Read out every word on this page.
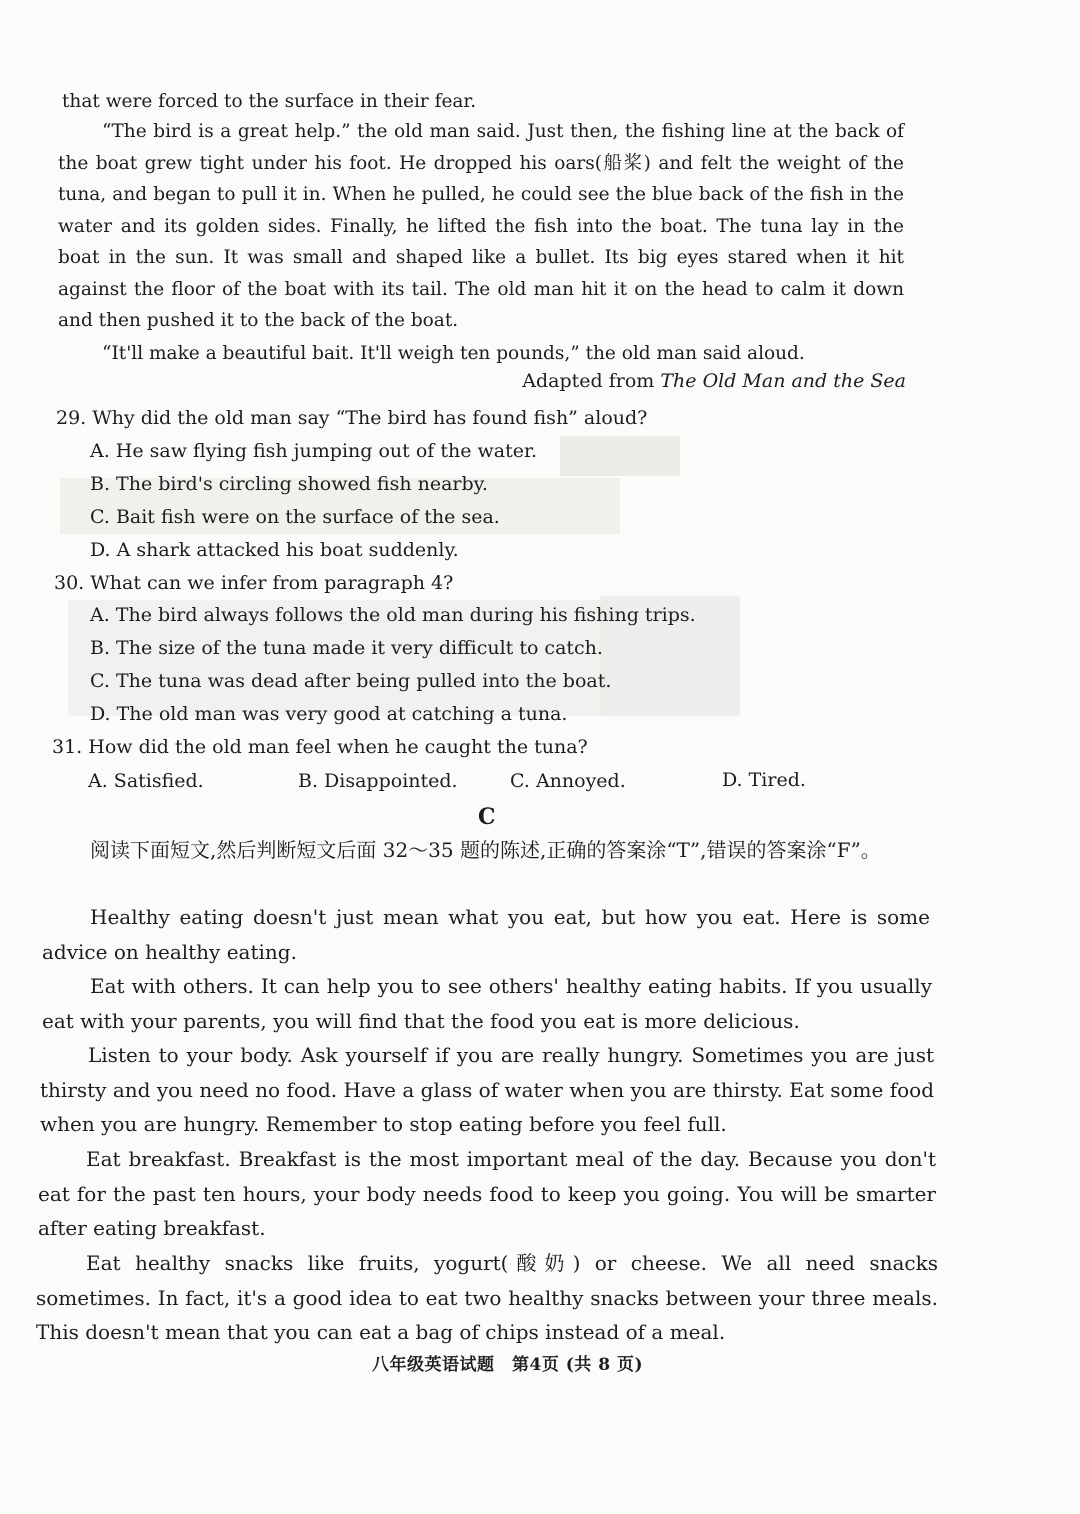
that were forced to the surface in their fear.

“The bird is a great help.” the old man said. Just then, the fishing line at the back of the boat grew tight under his foot. He dropped his oars(船桨) and felt the weight of the tuna, and began to pull it in. When he pulled, he could see the blue back of the fish in the water and its golden sides. Finally, he lifted the fish into the boat. The tuna lay in the boat in the sun. It was small and shaped like a bullet. Its big eyes stared when it hit against the floor of the boat with its tail. The old man hit it on the head to calm it down and then pushed it to the back of the boat.

“It'll make a beautiful bait. It'll weigh ten pounds,” the old man said aloud.

Adapted from The Old Man and the Sea
29. Why did the old man say “The bird has found fish” aloud?
A. He saw flying fish jumping out of the water.
B. The bird's circling showed fish nearby.
C. Bait fish were on the surface of the sea.
D. A shark attacked his boat suddenly.
30. What can we infer from paragraph 4?
A. The bird always follows the old man during his fishing trips.
B. The size of the tuna made it very difficult to catch.
C. The tuna was dead after being pulled into the boat.
D. The old man was very good at catching a tuna.
31. How did the old man feel when he caught the tuna?
A. Satisfied.	B. Disappointed.	C. Annoyed.	D. Tired.
C

阅读下面短文,然后判断短文后面 32～35 题的陈述,正确的答案涂“T”,错误的答案涂“F”。

Healthy eating doesn't just mean what you eat, but how you eat. Here is some advice on healthy eating.

Eat with others. It can help you to see others' healthy eating habits. If you usually eat with your parents, you will find that the food you eat is more delicious.

Listen to your body. Ask yourself if you are really hungry. Sometimes you are just thirsty and you need no food. Have a glass of water when you are thirsty. Eat some food when you are hungry. Remember to stop eating before you feel full.

Eat breakfast. Breakfast is the most important meal of the day. Because you don't eat for the past ten hours, your body needs food to keep you going. You will be smarter after eating breakfast.

Eat healthy snacks like fruits, yogurt(酸奶) or cheese. We all need snacks sometimes. In fact, it's a good idea to eat two healthy snacks between your three meals. This doesn't mean that you can eat a bag of chips instead of a meal.

八年级英语试题　第4页 (共 8 页)
